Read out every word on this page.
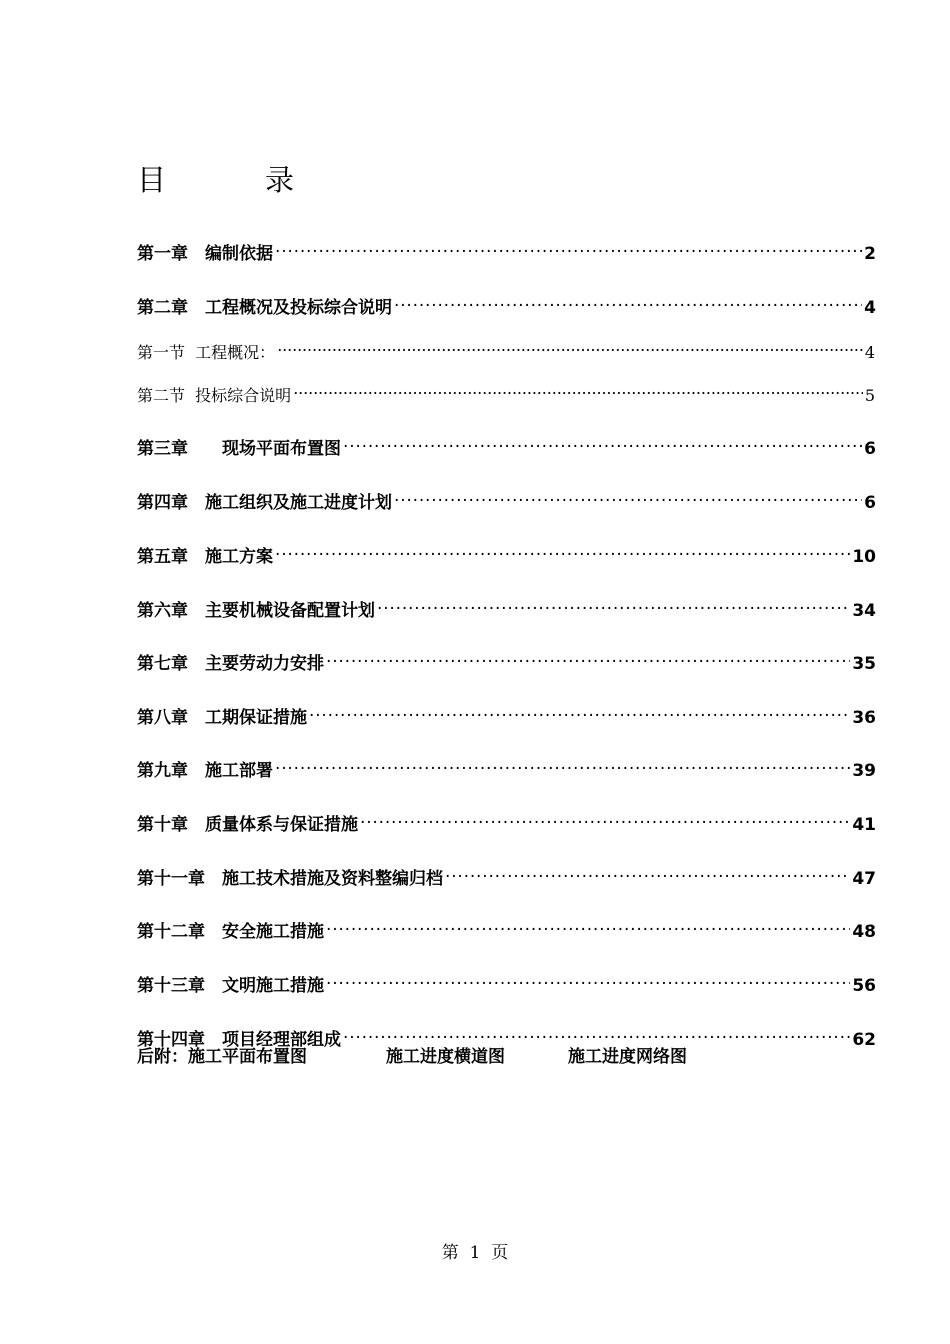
目	录
第一章　编制依据 . . .	2
第二章　工程概况及投标综合说明 . . .	4
第一节  工程概况： . . .	4
第二节  投标综合说明 . . .	5
第三章　　现场平面布置图 . . .	6
第四章　施工组织及施工进度计划 . . .	6
第五章　施工方案 . . .	10
第六章　主要机械设备配置计划 . . .	34
第七章　主要劳动力安排 . . .	35
第八章　工期保证措施 . . .	36
第九章　施工部署 . . .	39
第十章　质量体系与保证措施 . . .	41
第十一章　施工技术措施及资料整编归档 . . .	47
第十二章　安全施工措施 . . .	48
第十三章　文明施工措施 . . .	56
第十四章　项目经理部组成 . . .	62
后附：施工平面布置图	施工进度横道图	施工进度网络图
第  1  页
